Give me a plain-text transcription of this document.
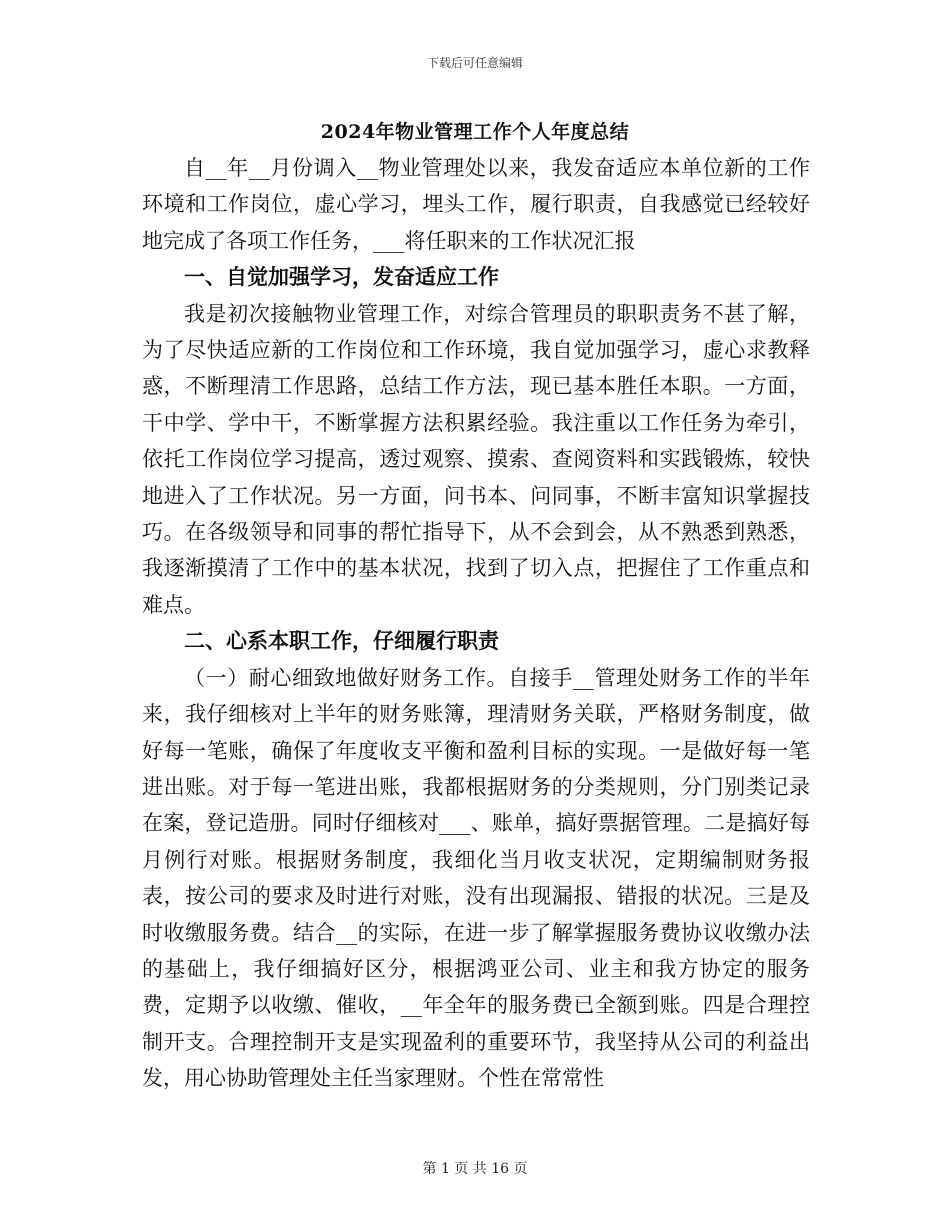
下载后可任意编辑
2024年物业管理工作个人年度总结

自__年__月份调入__物业管理处以来，我发奋适应本单位新的工作环境和工作岗位，虚心学习，埋头工作，履行职责，自我感觉已经较好地完成了各项工作任务，___将任职来的工作状况汇报

一、自觉加强学习，发奋适应工作

我是初次接触物业管理工作，对综合管理员的职职责务不甚了解，为了尽快适应新的工作岗位和工作环境，我自觉加强学习，虚心求教释惑，不断理清工作思路，总结工作方法，现已基本胜任本职。一方面，干中学、学中干，不断掌握方法积累经验。我注重以工作任务为牵引，依托工作岗位学习提高，透过观察、摸索、查阅资料和实践锻炼，较快地进入了工作状况。另一方面，问书本、问同事，不断丰富知识掌握技巧。在各级领导和同事的帮忙指导下，从不会到会，从不熟悉到熟悉，我逐渐摸清了工作中的基本状况，找到了切入点，把握住了工作重点和难点。

二、心系本职工作，仔细履行职责

（一）耐心细致地做好财务工作。自接手__管理处财务工作的半年来，我仔细核对上半年的财务账簿，理清财务关联，严格财务制度，做好每一笔账，确保了年度收支平衡和盈利目标的实现。一是做好每一笔进出账。对于每一笔进出账，我都根据财务的分类规则，分门别类记录在案，登记造册。同时仔细核对___、账单，搞好票据管理。二是搞好每月例行对账。根据财务制度，我细化当月收支状况，定期编制财务报表，按公司的要求及时进行对账，没有出现漏报、错报的状况。三是及时收缴服务费。结合__的实际，在进一步了解掌握服务费协议收缴办法的基础上，我仔细搞好区分，根据鸿亚公司、业主和我方协定的服务费，定期予以收缴、催收，__年全年的服务费已全额到账。四是合理控制开支。合理控制开支是实现盈利的重要环节，我坚持从公司的利益出发，用心协助管理处主任当家理财。个性在常常性

第 1 页 共 16 页
